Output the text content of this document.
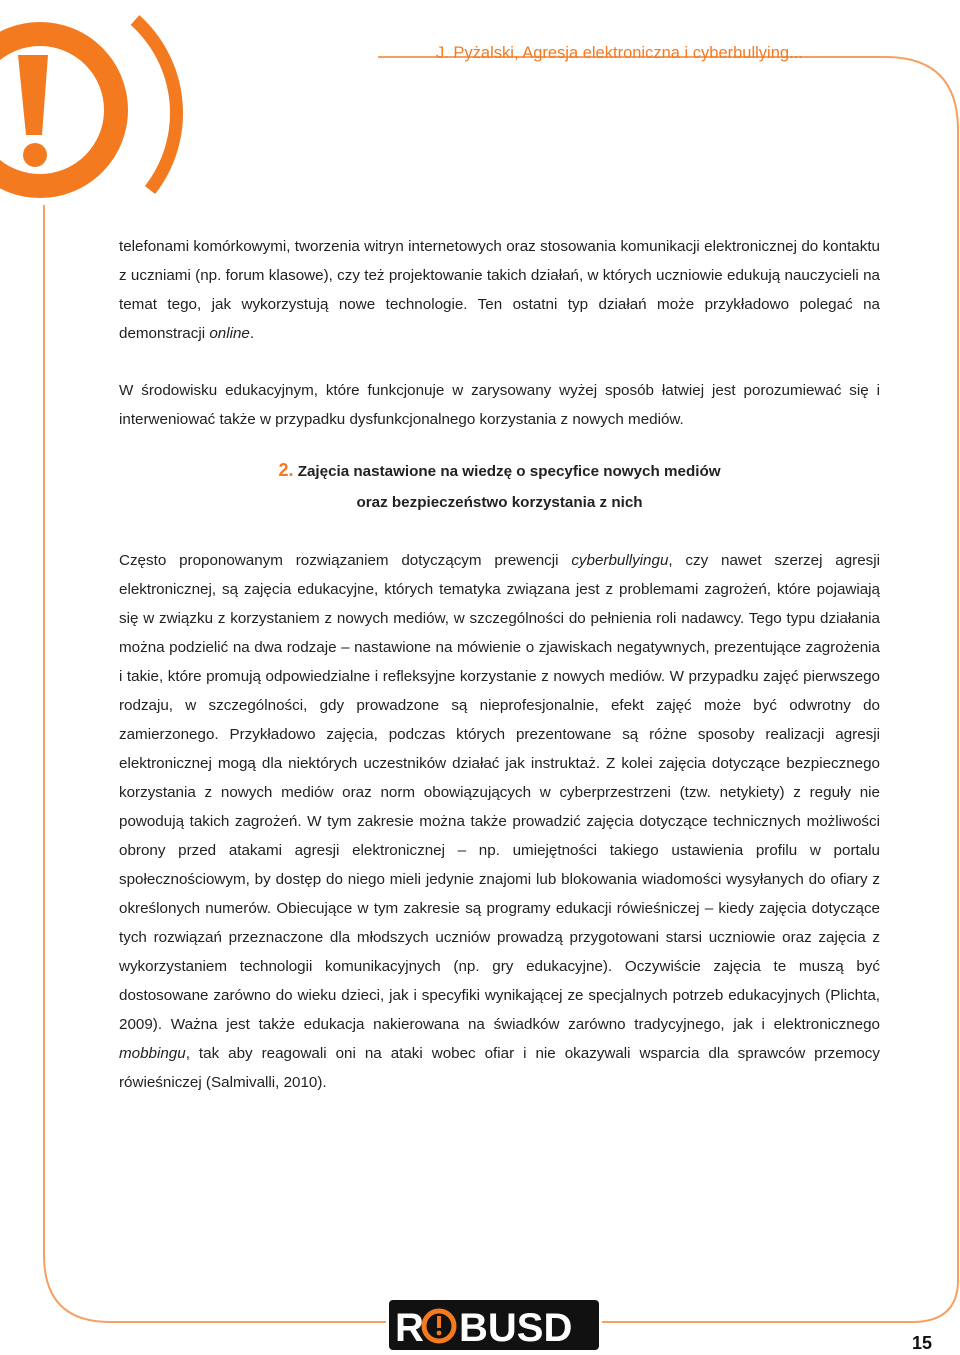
J. Pyżalski, Agresja elektroniczna i cyberbullying...

telefonami komórkowymi, tworzenia witryn internetowych oraz stosowania komunikacji elektronicznej do kontaktu z uczniami (np. forum klasowe), czy też projektowanie takich działań, w których uczniowie edukują nauczycieli na temat tego, jak wykorzystują nowe technologie. Ten ostatni typ działań może przykładowo polegać na demonstracji online.

W środowisku edukacyjnym, które funkcjonuje w zarysowany wyżej sposób łatwiej jest porozumiewać się i interweniować także w przypadku dysfunkcjonalnego korzystania z nowych mediów.

2. Zajęcia nastawione na wiedzę o specyfice nowych mediów
oraz bezpieczeństwo korzystania z nich

Często proponowanym rozwiązaniem dotyczącym prewencji cyberbullyingu, czy nawet szerzej agresji elektronicznej, są zajęcia edukacyjne, których tematyka związana jest z problemami zagrożeń, które pojawiają się w związku z korzystaniem z nowych mediów, w szczególności do pełnienia roli nadawcy. Tego typu działania można podzielić na dwa rodzaje – nastawione na mówienie o zjawiskach negatywnych, prezentujące zagrożenia i takie, które promują odpowiedzialne i refleksyjne korzystanie z nowych mediów. W przypadku zajęć pierwszego rodzaju, w szczególności, gdy prowadzone są nieprofesjonalnie, efekt zajęć może być odwrotny do zamierzonego. Przykładowo zajęcia, podczas których prezentowane są różne sposoby realizacji agresji elektronicznej mogą dla niektórych uczestników działać jak instruktaż. Z kolei zajęcia dotyczące bezpiecznego korzystania z nowych mediów oraz norm obowiązujących w cyberprzestrzeni (tzw. netykiety) z reguły nie powodują takich zagrożeń. W tym zakresie można także prowadzić zajęcia dotyczące technicznych możliwości obrony przed atakami agresji elektronicznej – np. umiejętności takiego ustawienia profilu w portalu społecznościowym, by dostęp do niego mieli jedynie znajomi lub blokowania wiadomości wysyłanych do ofiary z określonych numerów. Obiecujące w tym zakresie są programy edukacji rówieśniczej – kiedy zajęcia dotyczące tych rozwiązań przeznaczone dla młodszych uczniów prowadzą przygotowani starsi uczniowie oraz zajęcia z wykorzystaniem technologii komunikacyjnych (np. gry edukacyjne). Oczywiście zajęcia te muszą być dostosowane zarówno do wieku dzieci, jak i specyfiki wynikającej ze specjalnych potrzeb edukacyjnych (Plichta, 2009). Ważna jest także edukacja nakierowana na świadków zarówno tradycyjnego, jak i elektronicznego mobbingu, tak aby reagowali oni na ataki wobec ofiar i nie okazywali wsparcia dla sprawców przemocy rówieśniczej (Salmivalli, 2010).

R BUSD	15
